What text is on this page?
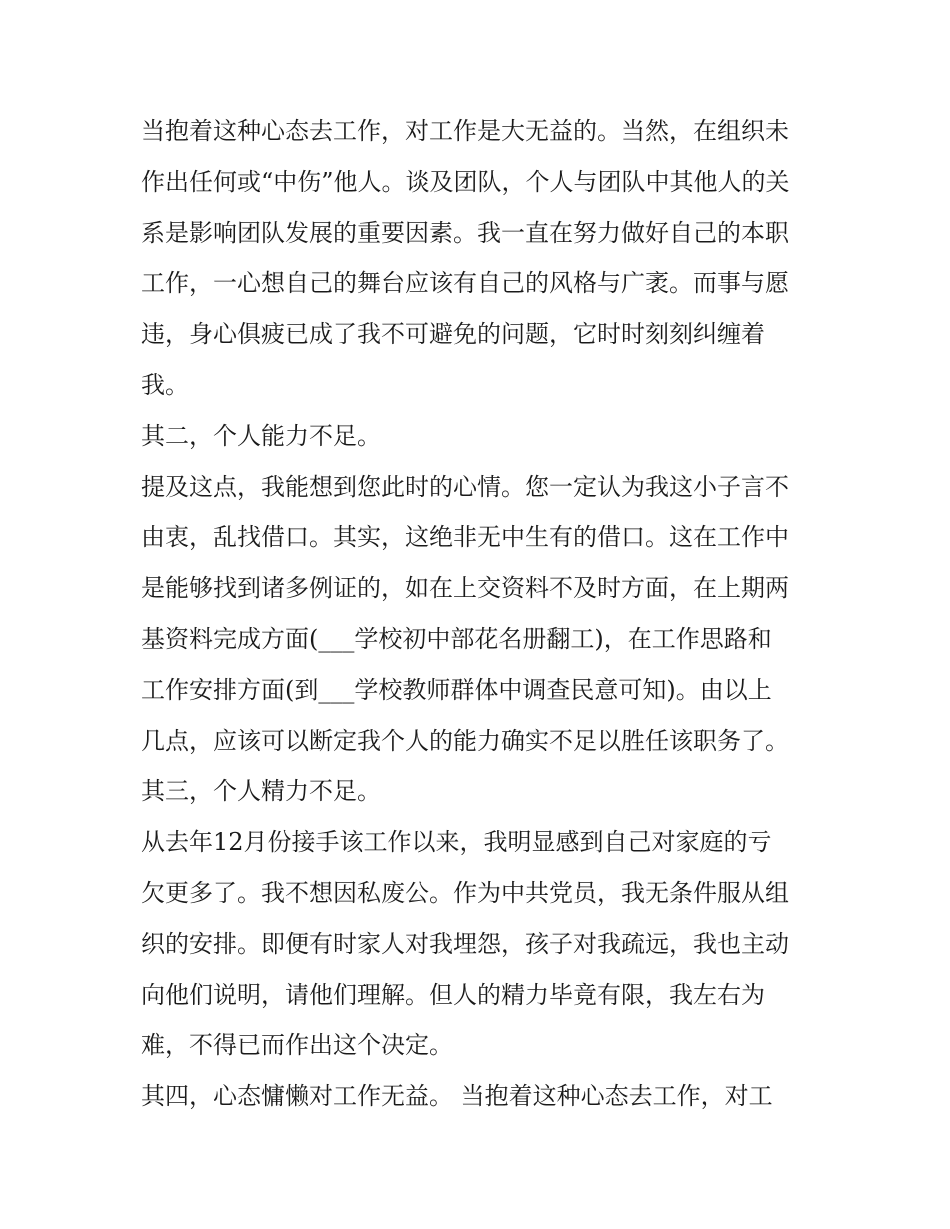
当抱着这种心态去工作，对工作是大无益的。当然，在组织未
作出任何或“中伤”他人。谈及团队，个人与团队中其他人的关
系是影响团队发展的重要因素。我一直在努力做好自己的本职
工作，一心想自己的舞台应该有自己的风格与广袤。而事与愿
违，身心俱疲已成了我不可避免的问题，它时时刻刻纠缠着
我。
其二，个人能力不足。
提及这点，我能想到您此时的心情。您一定认为我这小子言不
由衷，乱找借口。其实，这绝非无中生有的借口。这在工作中
是能够找到诸多例证的，如在上交资料不及时方面，在上期两
基资料完成方面(___学校初中部花名册翻工)，在工作思路和
工作安排方面(到___学校教师群体中调查民意可知)。由以上
几点，应该可以断定我个人的能力确实不足以胜任该职务了。
其三，个人精力不足。
从去年12月份接手该工作以来，我明显感到自己对家庭的亏
欠更多了。我不想因私废公。作为中共党员，我无条件服从组
织的安排。即便有时家人对我埋怨，孩子对我疏远，我也主动
向他们说明，请他们理解。但人的精力毕竟有限，我左右为
难，不得已而作出这个决定。
其四，心态慵懒对工作无益。 当抱着这种心态去工作，对工
